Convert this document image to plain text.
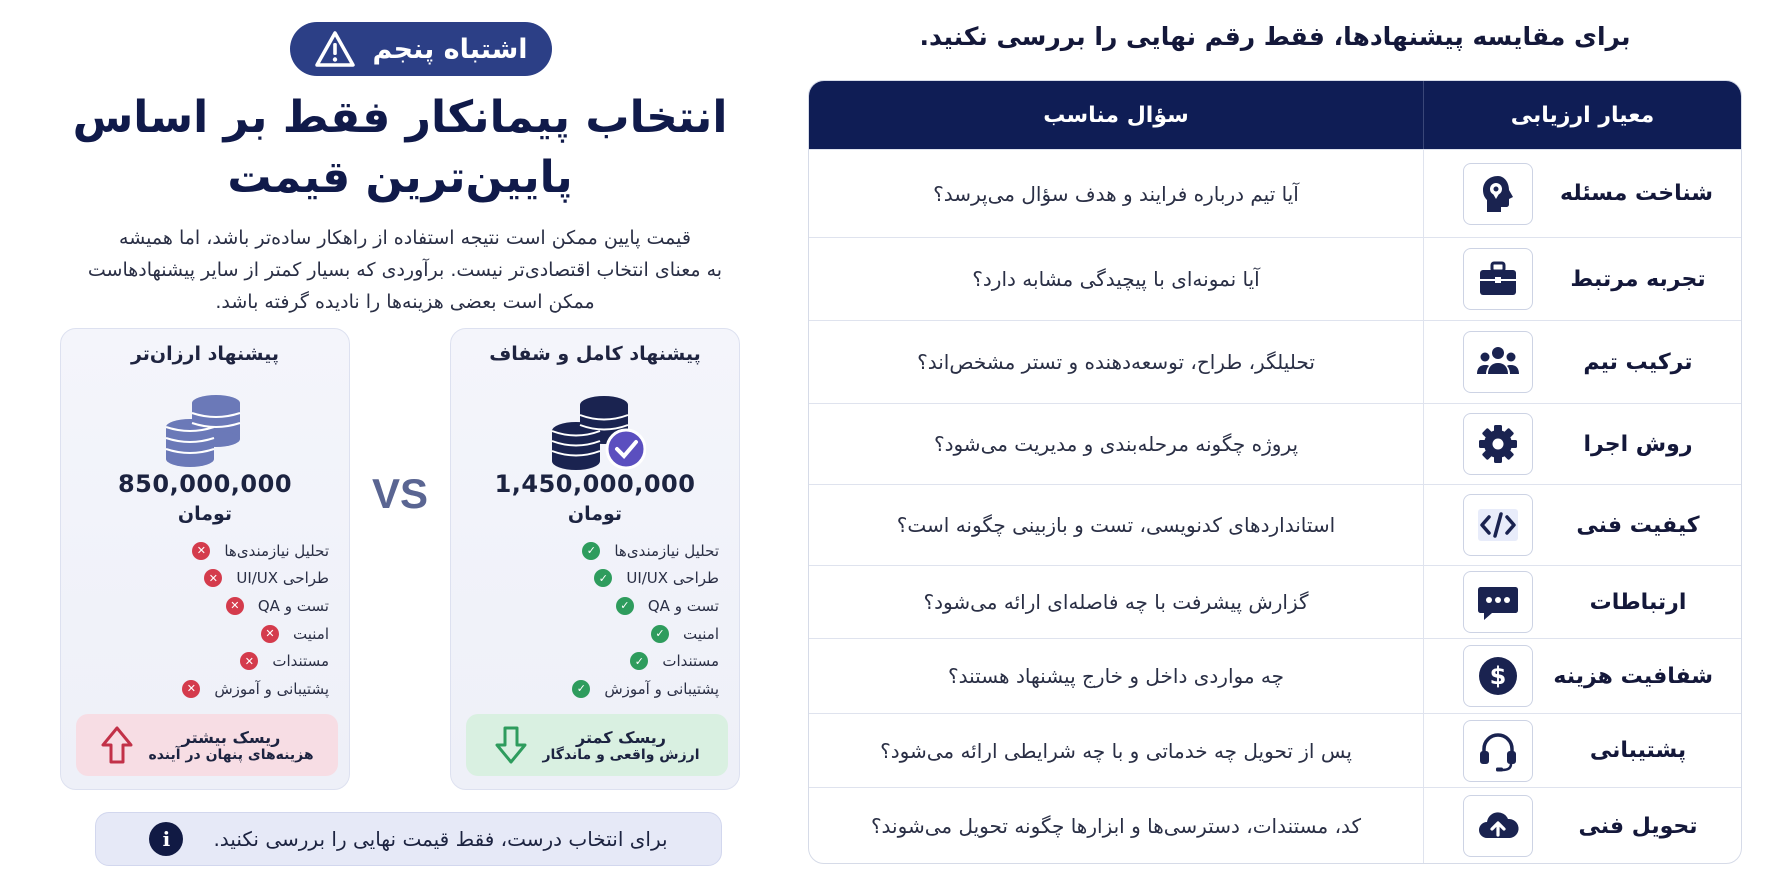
اشتباه پنجم
انتخاب پیمانکار فقط بر اساس
پایین‌ترین قیمت
قیمت پایین ممکن است نتیجه استفاده از راهکار ساده‌تر باشد، اما همیشه
به معنای انتخاب اقتصادی‌تر نیست. برآوردی که بسیار کمتر از سایر پیشنهادهاست
ممکن است بعضی هزینه‌ها را نادیده گرفته باشد.
پیشنهاد کامل و شفاف
1,450,000,000
تومان
✓ تحلیل نیازمندی‌ها
✓ طراحی UI/UX
✓ تست و QA
✓ امنیت
✓ مستندات
✓ پشتیبانی و آموزش
ریسک کمتر
ارزش واقعی و ماندگار
VS
پیشنهاد ارزان‌تر
850,000,000
تومان
✕ تحلیل نیازمندی‌ها
✕ طراحی UI/UX
✕ تست و QA
✕ امنیت
✕ مستندات
✕ پشتیبانی و آموزش
ریسک بیشتر
هزینه‌های پنهان در آینده
برای انتخاب درست، فقط قیمت نهایی را بررسی نکنید.
i
برای مقایسه پیشنهادها، فقط رقم نهایی را بررسی نکنید.
معیار ارزیابی
سؤال مناسب
شناخت مسئله
آیا تیم درباره فرایند و هدف سؤال می‌پرسد؟
تجربه مرتبط
آیا نمونه‌ای با پیچیدگی مشابه دارد؟
ترکیب تیم
تحلیلگر، طراح، توسعه‌دهنده و تستر مشخص‌اند؟
روش اجرا
پروژه چگونه مرحله‌بندی و مدیریت می‌شود؟
کیفیت فنی
استانداردهای کدنویسی، تست و بازبینی چگونه است؟
ارتباطات
گزارش پیشرفت با چه فاصله‌ای ارائه می‌شود؟
شفافیت هزینه
$
چه مواردی داخل و خارج پیشنهاد هستند؟
پشتیبانی
پس از تحویل چه خدماتی و با چه شرایطی ارائه می‌شود؟
تحویل فنی
کد، مستندات، دسترسی‌ها و ابزارها چگونه تحویل می‌شوند؟
